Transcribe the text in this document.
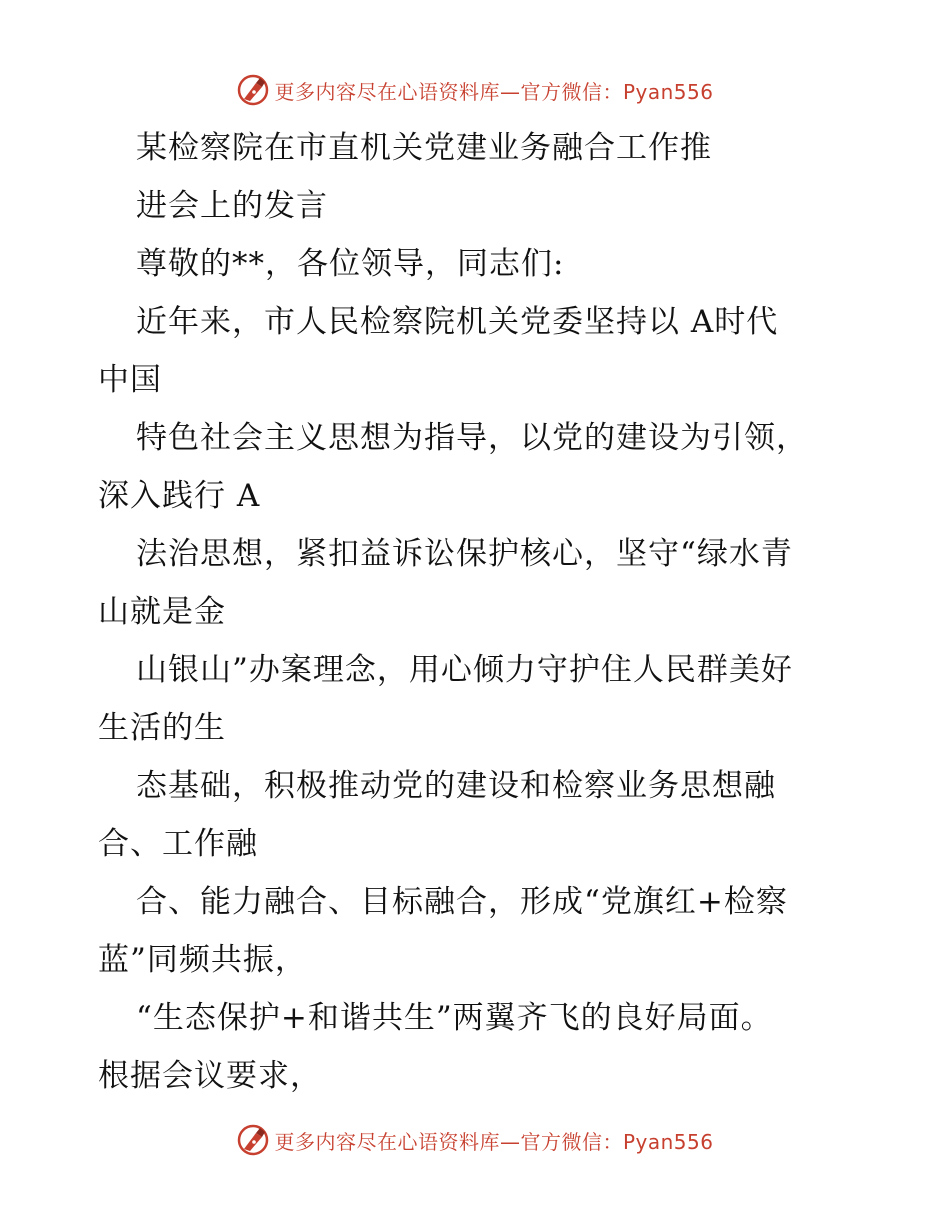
更多内容尽在心语资料库—官方微信：Pyan556
某检察院在市直机关党建业务融合工作推
进会上的发言
尊敬的**，各位领导，同志们:
近年来，市人民检察院机关党委坚持以 A时代
中国
特色社会主义思想为指导，以党的建设为引领，
深入践行 A
法治思想，紧扣益诉讼保护核心，坚守“绿水青
山就是金
山银山”办案理念，用心倾力守护住人民群美好
生活的生
态基础，积极推动党的建设和检察业务思想融
合、工作融
合、能力融合、目标融合，形成“党旗红+检察
蓝”同频共振，
“生态保护+和谐共生”两翼齐飞的良好局面。
根据会议要求，
更多内容尽在心语资料库—官方微信：Pyan556
